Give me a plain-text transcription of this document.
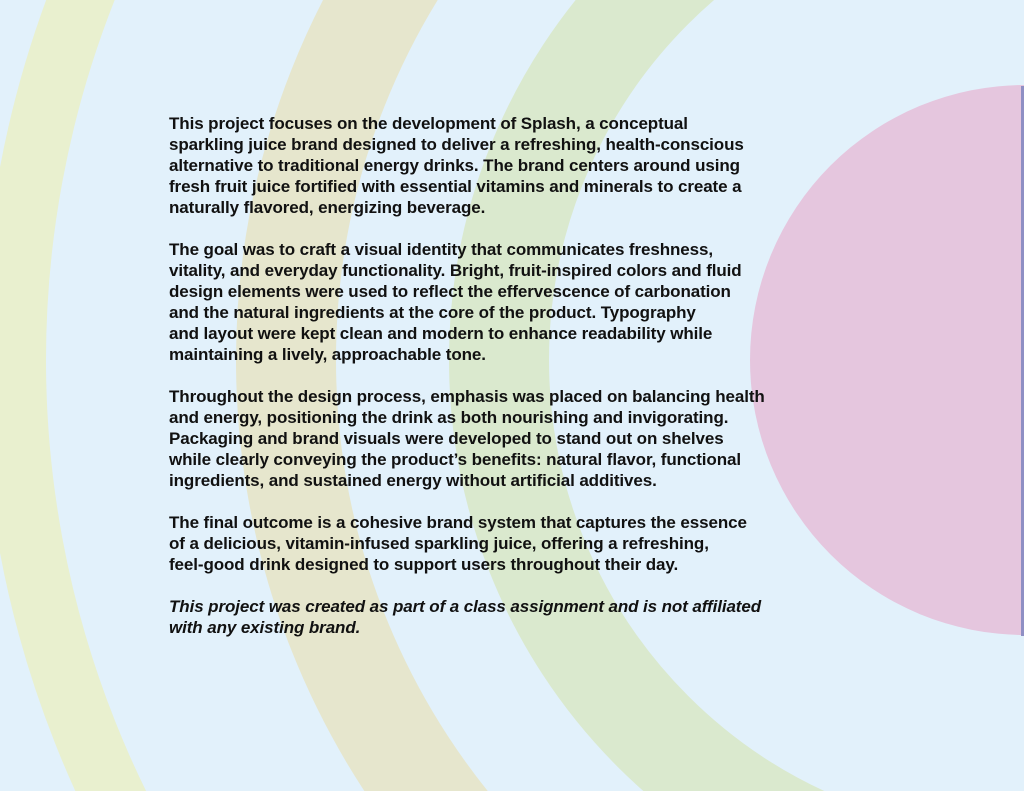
This project focuses on the development of Splash, a conceptual
sparkling juice brand designed to deliver a refreshing, health-conscious
alternative to traditional energy drinks. The brand centers around using
fresh fruit juice fortified with essential vitamins and minerals to create a
naturally flavored, energizing beverage.

The goal was to craft a visual identity that communicates freshness,
vitality, and everyday functionality. Bright, fruit-inspired colors and fluid
design elements were used to reflect the effervescence of carbonation
and the natural ingredients at the core of the product. Typography
and layout were kept clean and modern to enhance readability while
maintaining a lively, approachable tone.

Throughout the design process, emphasis was placed on balancing health
and energy, positioning the drink as both nourishing and invigorating.
Packaging and brand visuals were developed to stand out on shelves
while clearly conveying the product’s benefits: natural flavor, functional
ingredients, and sustained energy without artificial additives.

The final outcome is a cohesive brand system that captures the essence
of a delicious, vitamin-infused sparkling juice, offering a refreshing,
feel-good drink designed to support users throughout their day.

This project was created as part of a class assignment and is not affiliated
with any existing brand.
